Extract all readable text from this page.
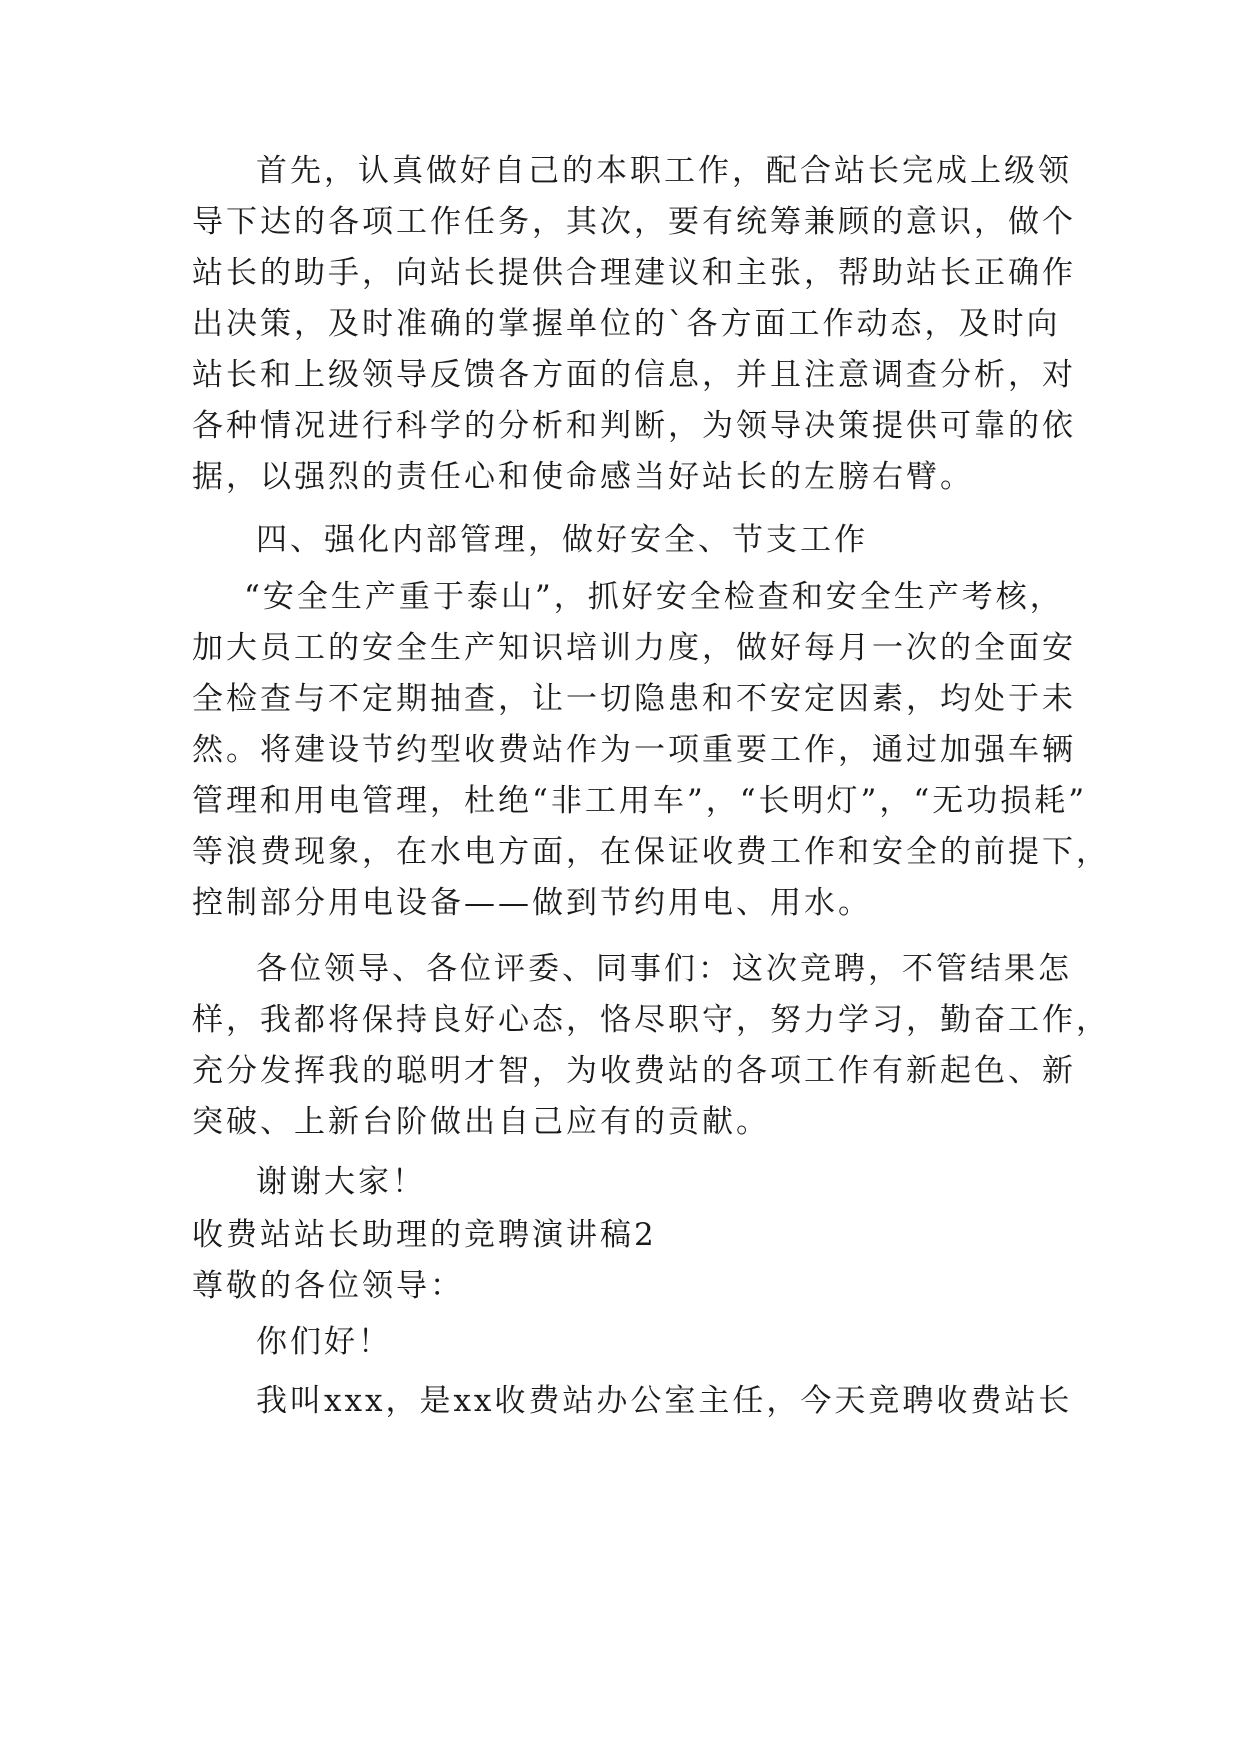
首先，认真做好自己的本职工作，配合站长完成上级领
导下达的各项工作任务，其次，要有统筹兼顾的意识，做个
站长的助手，向站长提供合理建议和主张，帮助站长正确作
出决策，及时准确的掌握单位的`各方面工作动态，及时向
站长和上级领导反馈各方面的信息，并且注意调查分析，对
各种情况进行科学的分析和判断，为领导决策提供可靠的依
据，以强烈的责任心和使命感当好站长的左膀右臂。
四、强化内部管理，做好安全、节支工作
“安全生产重于泰山”，抓好安全检查和安全生产考核，
加大员工的安全生产知识培训力度，做好每月一次的全面安
全检查与不定期抽查，让一切隐患和不安定因素，均处于未
然。将建设节约型收费站作为一项重要工作，通过加强车辆
管理和用电管理，杜绝“非工用车”，“长明灯”，“无功损耗”
等浪费现象，在水电方面，在保证收费工作和安全的前提下，
控制部分用电设备——做到节约用电、用水。
各位领导、各位评委、同事们：这次竞聘，不管结果怎
样，我都将保持良好心态，恪尽职守，努力学习，勤奋工作，
充分发挥我的聪明才智，为收费站的各项工作有新起色、新
突破、上新台阶做出自己应有的贡献。
谢谢大家！
收费站站长助理的竞聘演讲稿2
尊敬的各位领导：
你们好！
我叫xxx，是xx收费站办公室主任，今天竞聘收费站长
